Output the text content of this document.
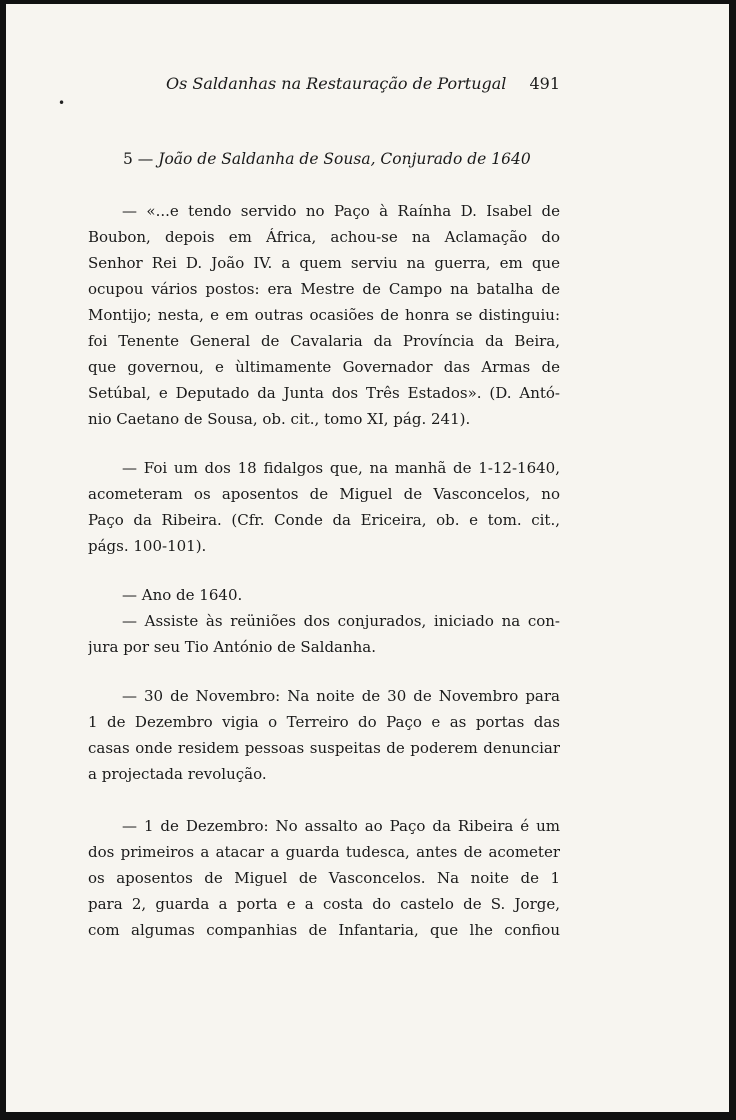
•
Os Saldanhas na Restauração de Portugal 491
5 — João de Saldanha de Sousa, Conjurado de 1640
— «...e tendo servido no Paço à Raínha D. Isabel de
Boubon, depois em África, achou-se na Aclamação do
Senhor Rei D. João IV. a quem serviu na guerra, em que
ocupou vários postos: era Mestre de Campo na batalha de
Montijo; nesta, e em outras ocasiões de honra se distinguiu:
foi Tenente General de Cavalaria da Província da Beira,
que governou, e ùltimamente Governador das Armas de
Setúbal, e Deputado da Junta dos Três Estados». (D. Antó-
nio Caetano de Sousa, ob. cit., tomo XI, pág. 241).
— Foi um dos 18 fidalgos que, na manhã de 1-12-1640,
acometeram os aposentos de Miguel de Vasconcelos, no
Paço da Ribeira. (Cfr. Conde da Ericeira, ob. e tom. cit.,
págs. 100-101).
— Ano de 1640.
— Assiste às reüniões dos conjurados, iniciado na con-
jura por seu Tio António de Saldanha.
— 30 de Novembro: Na noite de 30 de Novembro para
1 de Dezembro vigia o Terreiro do Paço e as portas das
casas onde residem pessoas suspeitas de poderem denunciar
a projectada revolução.
— 1 de Dezembro: No assalto ao Paço da Ribeira é um
dos primeiros a atacar a guarda tudesca, antes de acometer
os aposentos de Miguel de Vasconcelos. Na noite de 1
para 2, guarda a porta e a costa do castelo de S. Jorge,
com algumas companhias de Infantaria, que lhe confiou
